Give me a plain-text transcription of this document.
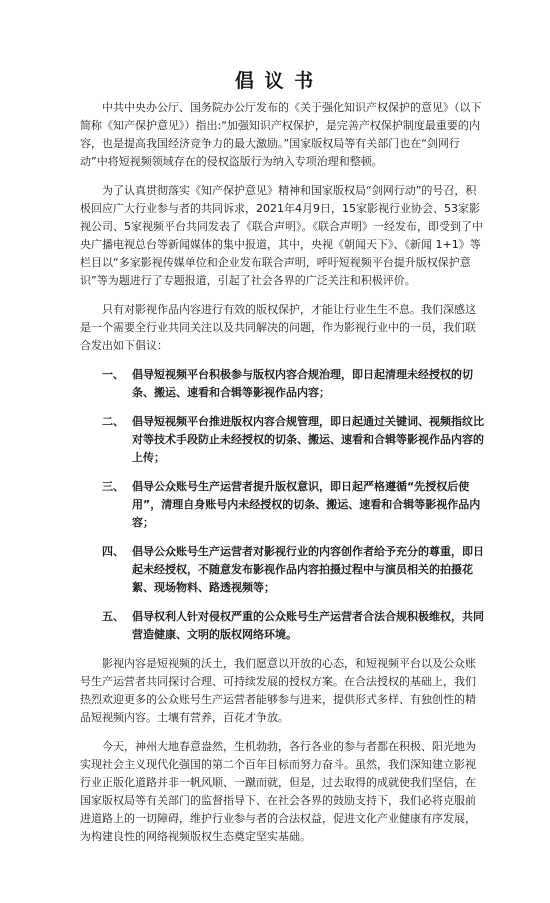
倡 议 书

中共中央办公厅、国务院办公厅发布的《关于强化知识产权保护的意见》（以下简称《知产保护意见》）指出:“加强知识产权保护，是完善产权保护制度最重要的内容，也是提高我国经济竞争力的最大激励。”国家版权局等有关部门也在“剑网行动”中将短视频领域存在的侵权盗版行为纳入专项治理和整顿。

为了认真贯彻落实《知产保护意见》精神和国家版权局“剑网行动”的号召，积极回应广大行业参与者的共同诉求，2021年4月9日，15家影视行业协会、53家影视公司、5家视频平台共同发表了《联合声明》。《联合声明》一经发布，即受到了中央广播电视总台等新闻媒体的集中报道，其中，央视《朝闻天下》、《新闻 1+1》等栏目以“多家影视传媒单位和企业发布联合声明，呼吁短视频平台提升版权保护意识”等为题进行了专题报道，引起了社会各界的广泛关注和积极评价。

只有对影视作品内容进行有效的版权保护，才能让行业生生不息。我们深感这是一个需要全行业共同关注以及共同解决的问题，作为影视行业中的一员，我们联合发出如下倡议：

一、 倡导短视频平台积极参与版权内容合规治理，即日起清理未经授权的切条、搬运、速看和合辑等影视作品内容；
二、 倡导短视频平台推进版权内容合规管理，即日起通过关键词、视频指纹比对等技术手段防止未经授权的切条、搬运、速看和合辑等影视作品内容的上传；
三、 倡导公众账号生产运营者提升版权意识，即日起严格遵循“先授权后使用”，清理自身账号内未经授权的切条、搬运、速看和合辑等影视作品内容；
四、 倡导公众账号生产运营者对影视行业的内容创作者给予充分的尊重，即日起未经授权，不随意发布影视作品内容拍摄过程中与演员相关的拍摄花絮、现场物料、路透视频等；
五、 倡导权利人针对侵权严重的公众账号生产运营者合法合规积极维权，共同营造健康、文明的版权网络环境。

影视内容是短视频的沃土，我们愿意以开放的心态，和短视频平台以及公众账号生产运营者共同探讨合理、可持续发展的授权方案。在合法授权的基础上，我们热烈欢迎更多的公众账号生产运营者能够参与进来，提供形式多样、有独创性的精品短视频内容。土壤有营养，百花才争放。

今天，神州大地春意盎然，生机勃勃，各行各业的参与者都在积极、阳光地为实现社会主义现代化强国的第二个百年目标而努力奋斗。虽然，我们深知建立影视行业正版化道路并非一帆风顺、一蹴而就，但是，过去取得的成就使我们坚信，在国家版权局等有关部门的监督指导下、在社会各界的鼓励支持下，我们必将克服前进道路上的一切障碍，维护行业参与者的合法权益，促进文化产业健康有序发展，为构建良性的网络视频版权生态奠定坚实基础。
